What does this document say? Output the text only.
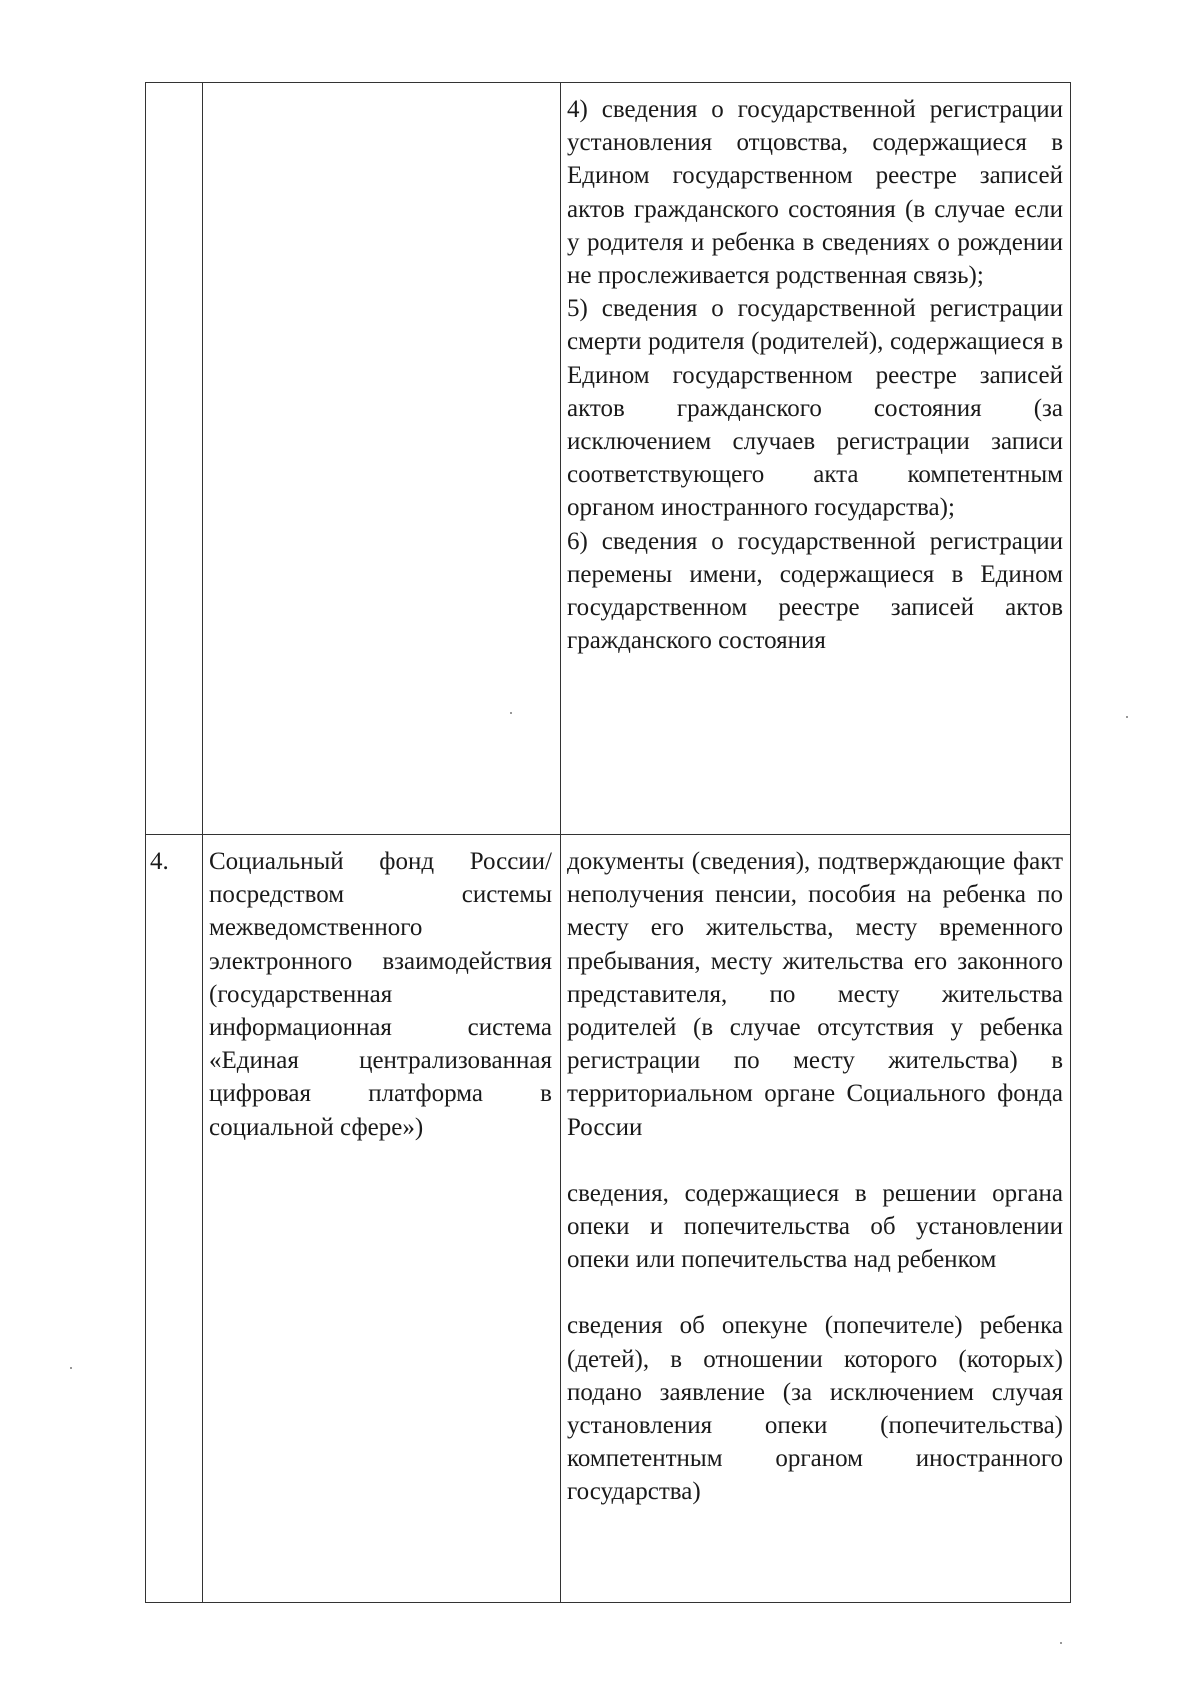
		4) сведения о государственной регистрации установления отцовства, содержащиеся в Едином государственном реестре записей актов гражданского состояния (в случае если у родителя и ребенка в сведениях о рождении не прослеживается родственная связь);

5) сведения о государственной регистрации смерти родителя (родителей), содержащиеся в Едином государственном реестре записей актов гражданского состояния (за исключением случаев регистрации записи соответствующего акта компетентным органом иностранного государства);

6) сведения о государственной регистрации перемены имени, содержащиеся в Едином государственном реестре записей актов гражданского состояния

4.	Социальный фонд России/ посредством системы межведомственного электронного взаимодействия (государственная информационная система «Единая централизованная цифровая платформа в социальной сфере»)	документы (сведения), подтверждающие факт неполучения пенсии, пособия на ребенка по месту его жительства, месту временного пребывания, месту жительства его законного представителя, по месту жительства родителей (в случае отсутствия у ребенка регистрации по месту жительства) в территориальном органе Социального фонда России

сведения, содержащиеся в решении органа опеки и попечительства об установлении опеки или попечительства над ребенком

сведения об опекуне (попечителе) ребенка (детей), в отношении которого (которых) подано заявление (за исключением случая установления опеки (попечительства) компетентным органом иностранного государства)
